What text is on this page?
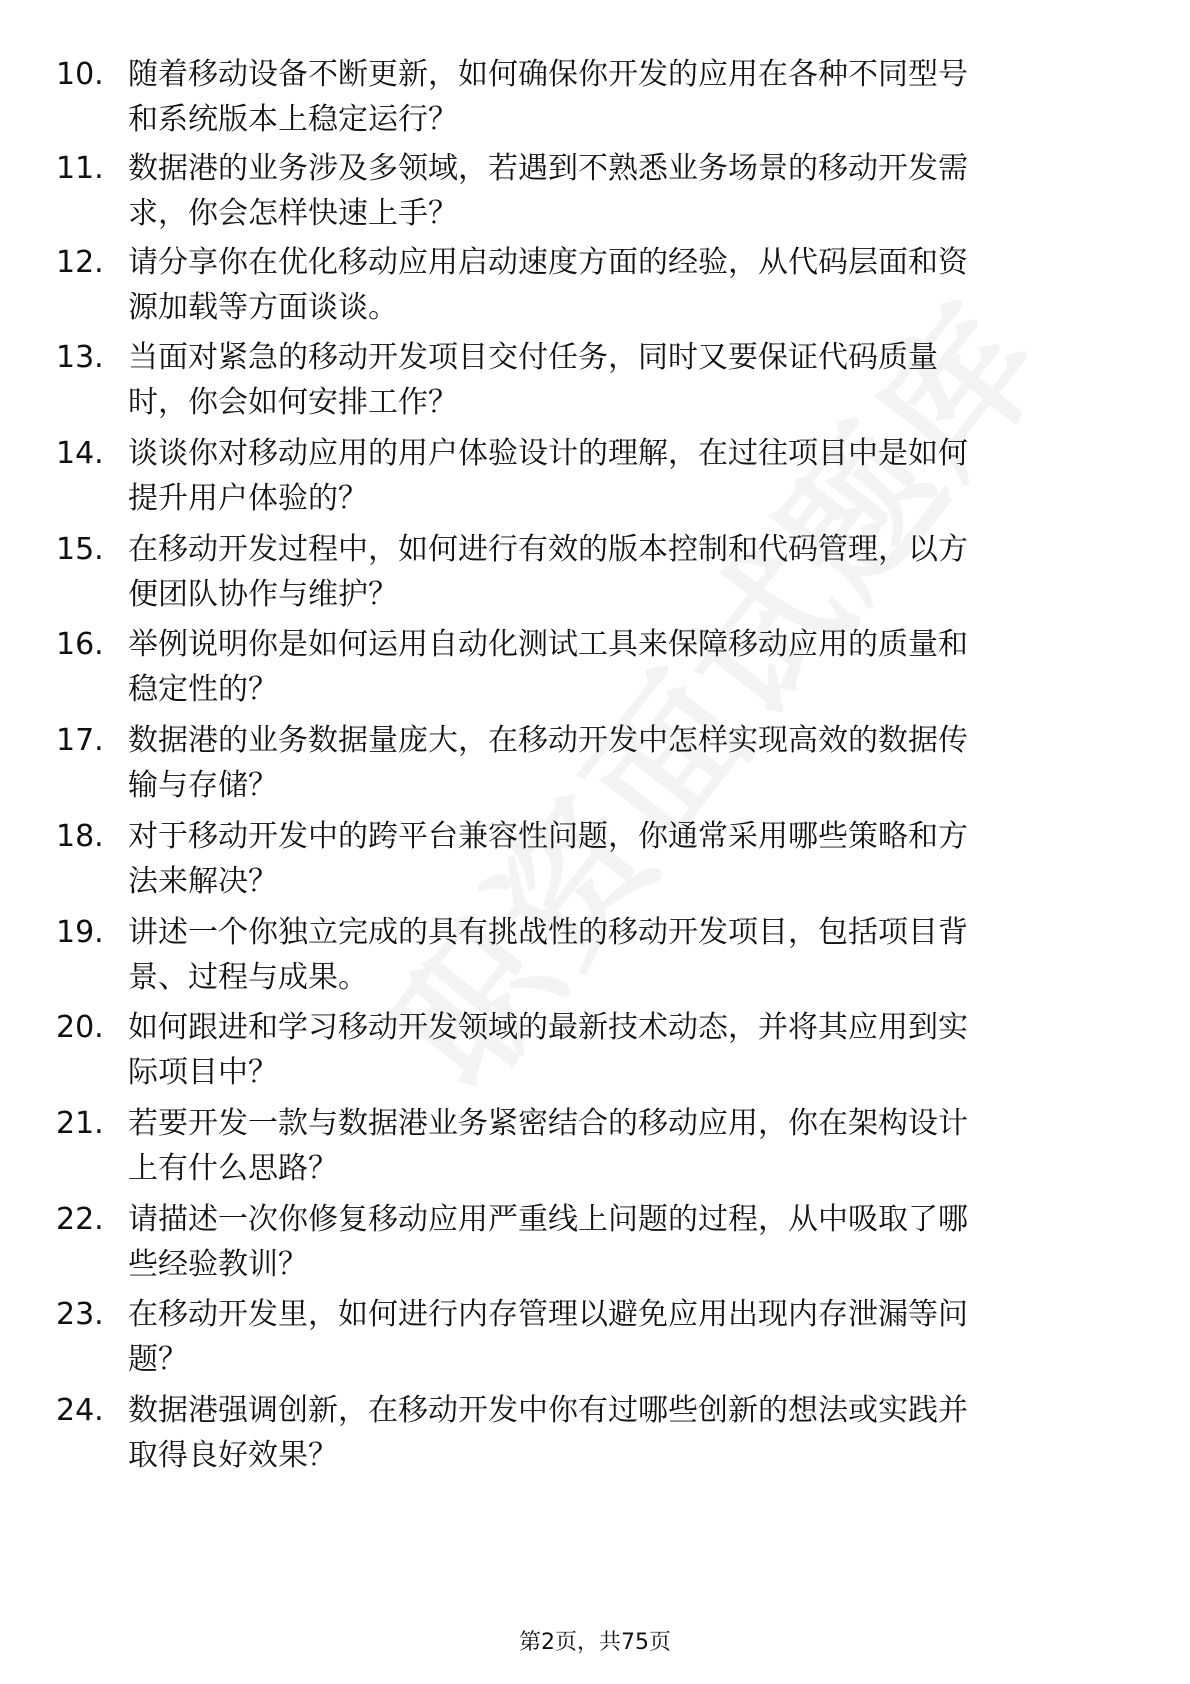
10. 随着移动设备不断更新，如何确保你开发的应用在各种不同型号
和系统版本上稳定运行？
11. 数据港的业务涉及多领域，若遇到不熟悉业务场景的移动开发需
求，你会怎样快速上手？
12. 请分享你在优化移动应用启动速度方面的经验，从代码层面和资
源加载等方面谈谈。
13. 当面对紧急的移动开发项目交付任务，同时又要保证代码质量
时，你会如何安排工作？
14. 谈谈你对移动应用的用户体验设计的理解，在过往项目中是如何
提升用户体验的？
15. 在移动开发过程中，如何进行有效的版本控制和代码管理，以方
便团队协作与维护？
16. 举例说明你是如何运用自动化测试工具来保障移动应用的质量和
稳定性的？
17. 数据港的业务数据量庞大，在移动开发中怎样实现高效的数据传
输与存储？
18. 对于移动开发中的跨平台兼容性问题，你通常采用哪些策略和方
法来解决？
19. 讲述一个你独立完成的具有挑战性的移动开发项目，包括项目背
景、过程与成果。
20. 如何跟进和学习移动开发领域的最新技术动态，并将其应用到实
际项目中？
21. 若要开发一款与数据港业务紧密结合的移动应用，你在架构设计
上有什么思路？
22. 请描述一次你修复移动应用严重线上问题的过程，从中吸取了哪
些经验教训？
23. 在移动开发里，如何进行内存管理以避免应用出现内存泄漏等问
题？
24. 数据港强调创新，在移动开发中你有过哪些创新的想法或实践并
取得良好效果？
第2页，共75页
